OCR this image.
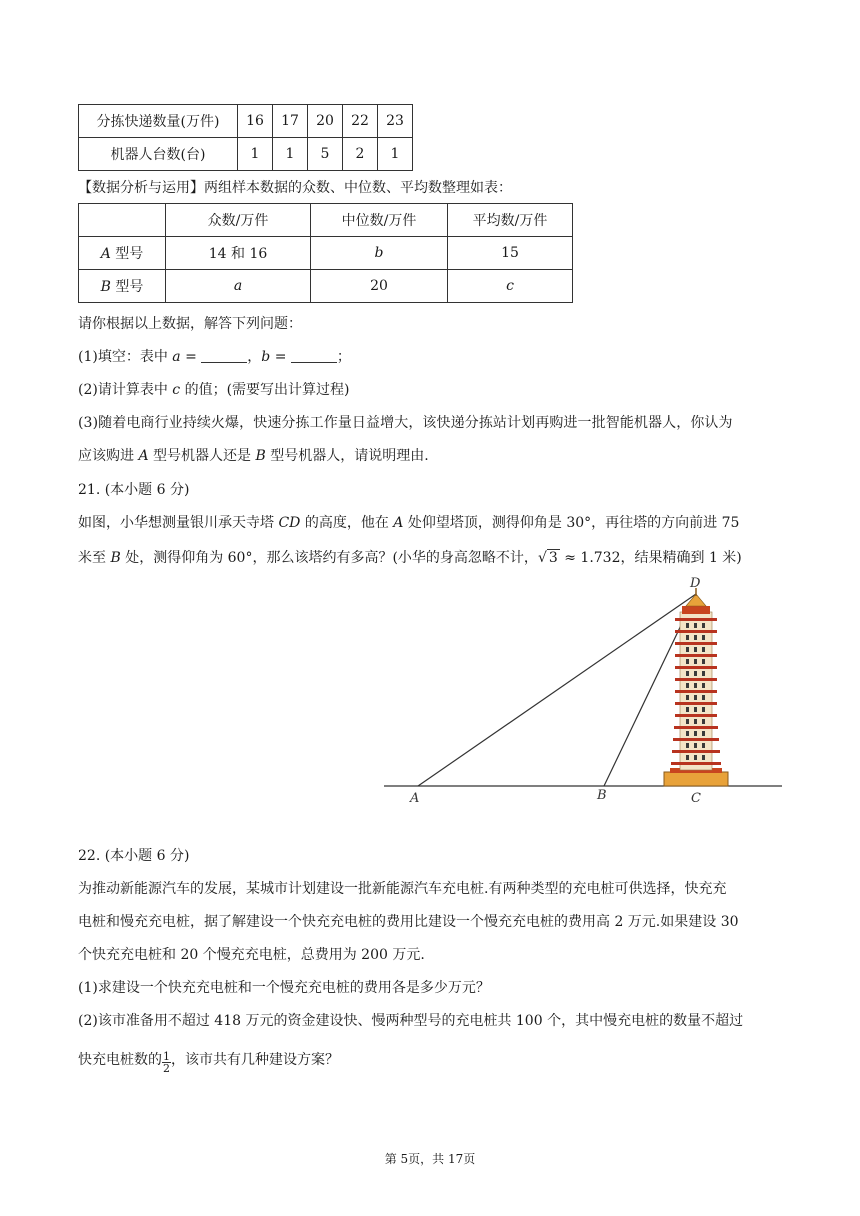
分拣快递数量(万件)	16	17	20	22	23
机器人台数(台)	1	1	5	2	1
【数据分析与运用】两组样本数据的众数、中位数、平均数整理如表：
	众数/万件	中位数/万件	平均数/万件
A 型号	14 和 16	b	15
B 型号	a	20	c
请你根据以上数据，解答下列问题：
(1)填空：表中 a =	，b =	；
(2)请计算表中 c 的值；(需要写出计算过程)
(3)随着电商行业持续火爆，快速分拣工作量日益增大，该快递分拣站计划再购进一批智能机器人，你认为
应该购进 A 型号机器人还是 B 型号机器人，请说明理由.
21. (本小题 6 分)
如图，小华想测量银川承天寺塔 CD 的高度，他在 A 处仰望塔顶，测得仰角是 30°，再往塔的方向前进 75
米至 B 处，测得仰角为 60°，那么该塔约有多高？(小华的身高忽略不计，√ 3 ≈ 1.732，结果精确到 1 米)
A	B	C
D
22. (本小题 6 分)
为推动新能源汽车的发展，某城市计划建设一批新能源汽车充电桩.有两种类型的充电桩可供选择，快充充
电桩和慢充充电桩，据了解建设一个快充充电桩的费用比建设一个慢充充电桩的费用高 2 万元.如果建设 30
个快充充电桩和 20 个慢充充电桩，总费用为 200 万元.
(1)求建设一个快充充电桩和一个慢充充电桩的费用各是多少万元？
(2)该市准备用不超过 418 万元的资金建设快、慢两种型号的充电桩共 100 个，其中慢充电桩的数量不超过
快充电桩数的 $\frac{1}{2}$ ，该市共有几种建设方案？
第 5页，共 17页
